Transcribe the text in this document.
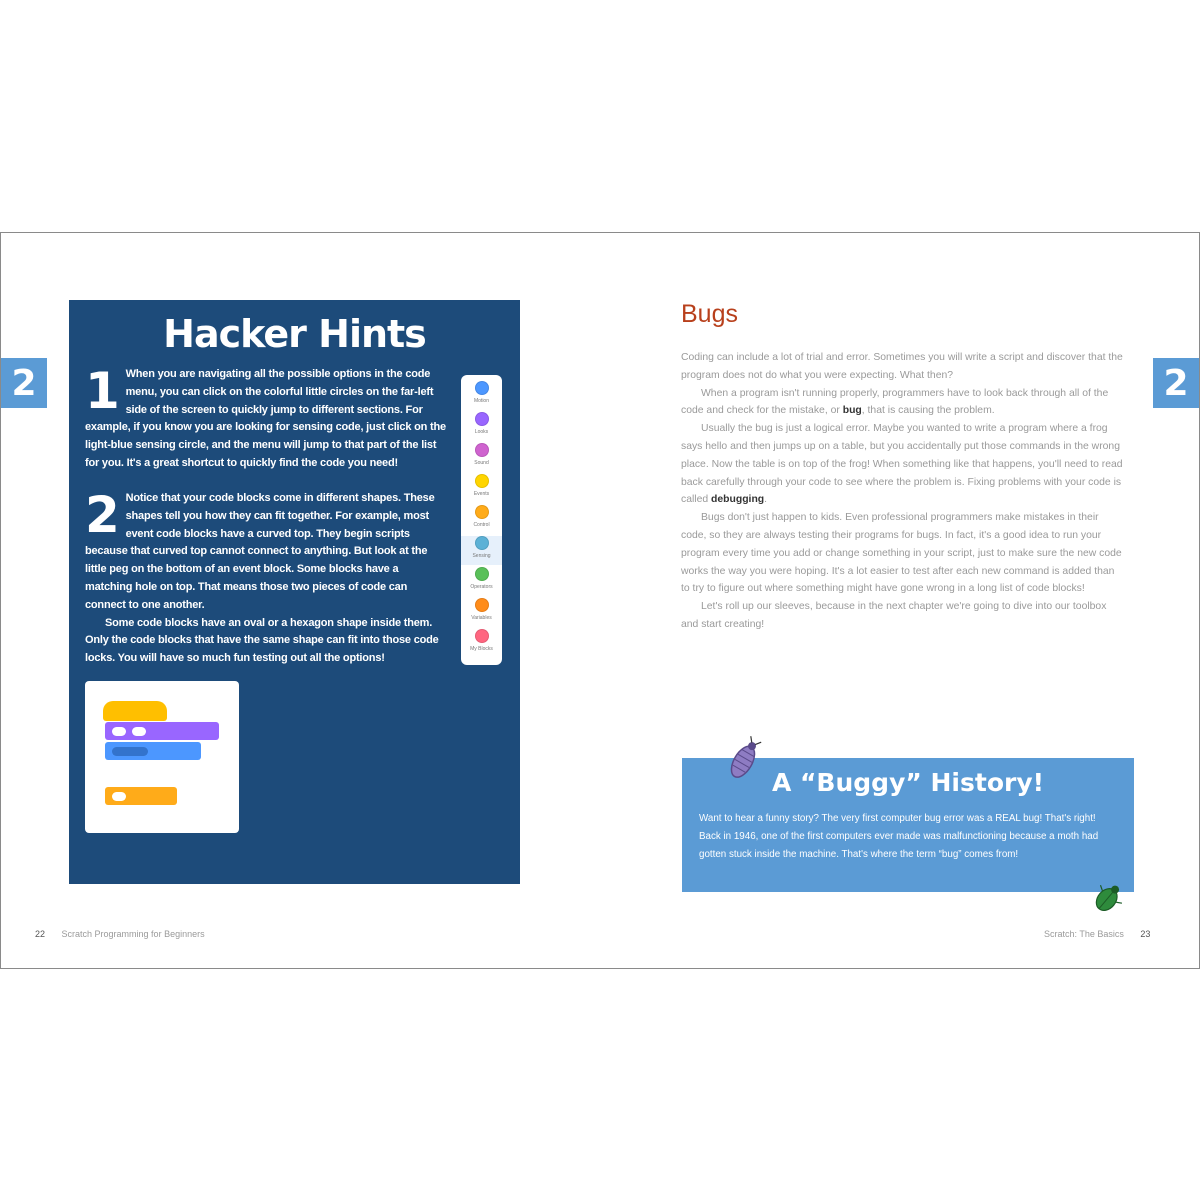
2	2
Hacker Hints
1 When you are navigating all the possible options in the code menu, you can click on the colorful little circles on the far-left side of the screen to quickly jump to different sections. For example, if you know you are looking for sensing code, just click on the light-blue sensing circle, and the menu will jump to that part of the list for you. It's a great shortcut to quickly find the code you need!
2 Notice that your code blocks come in different shapes. These shapes tell you how they can fit together. For example, most event code blocks have a curved top. They begin scripts because that curved top cannot connect to anything. But look at the little peg on the bottom of an event block. Some blocks have a matching hole on top. That means those two pieces of code can connect to one another.
Some code blocks have an oval or a hexagon shape inside them. Only the code blocks that have the same shape can fit into those code locks. You will have so much fun testing out all the options!
Motion
Looks
Sound
Events
Control
Sensing
Operators
Variables
My Blocks
22 Scratch Programming for Beginners
Bugs

Coding can include a lot of trial and error. Sometimes you will write a script and discover that the program does not do what you were expecting. What then?

When a program isn't running properly, programmers have to look back through all of the code and check for the mistake, or bug, that is causing the problem.

Usually the bug is just a logical error. Maybe you wanted to write a program where a frog says hello and then jumps up on a table, but you accidentally put those commands in the wrong place. Now the table is on top of the frog! When something like that happens, you'll need to read back carefully through your code to see where the problem is. Fixing problems with your code is called debugging.

Bugs don't just happen to kids. Even professional programmers make mistakes in their code, so they are always testing their programs for bugs. In fact, it's a good idea to run your program every time you add or change something in your script, just to make sure the new code works the way you were hoping. It's a lot easier to test after each new command is added than to try to figure out where something might have gone wrong in a long list of code blocks!

Let's roll up our sleeves, because in the next chapter we're going to dive into our toolbox and start creating!

A “Buggy” History!
Want to hear a funny story? The very first computer bug error was a REAL bug! That's right! Back in 1946, one of the first computers ever made was malfunctioning because a moth had gotten stuck inside the machine. That's where the term “bug” comes from!
Scratch: The Basics 23
